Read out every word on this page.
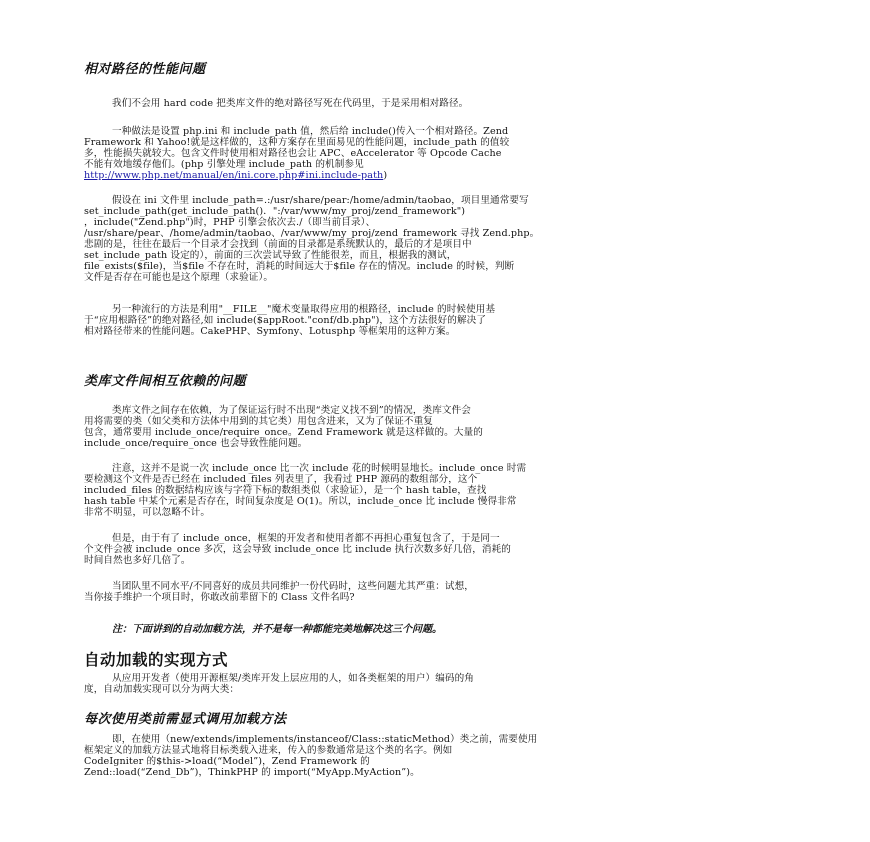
相对路径的性能问题
我们不会用 hard code 把类库文件的绝对路径写死在代码里，于是采用相对路径。
一种做法是设置 php.ini 和 include_path 值，然后给 include()传入一个相对路径。Zend
Framework 和 Yahoo!就是这样做的，这种方案存在里面易见的性能问题，include_path 的值较
多，性能损失就较大。包含文件时使用相对路径也会让 APC、eAccelerator 等 Opcode Cache
不能有效地缓存他们。(php 引擎处理 include_path 的机制参见
http://www.php.net/manual/en/ini.core.php#ini.include-path)
假设在 ini 文件里 include_path=.:/usr/share/pear:/home/admin/taobao，项目里通常要写
set_include_path(get_include_path()．":/var/www/my_proj/zend_framework")
，include("Zend.php")时，PHP 引擎会依次去./（即当前目录）、
/usr/share/pear、/home/admin/taobao、/var/www/my_proj/zend_framework 寻找 Zend.php。
悲剧的是，往往在最后一个目录才会找到（前面的目录都是系统默认的，最后的才是项目中
set_include_path 设定的），前面的三次尝试导致了性能很差，而且，根据我的测试，
file_exists($file)，当$file 不存在时，消耗的时间远大于$file 存在的情况。include 的时候，判断
文件是否存在可能也是这个原理（求验证）。
另一种流行的方法是利用"__FILE__"魔术变量取得应用的根路径，include 的时候使用基
于“应用根路径”的绝对路径,如 include($appRoot."conf/db.php")，这个方法很好的解决了
相对路径带来的性能问题。CakePHP、Symfony、Lotusphp 等框架用的这种方案。
类库文件间相互依赖的问题
类库文件之间存在依赖，为了保证运行时不出现“类定义找不到”的情况，类库文件会
用将需要的类（如父类和方法体中用到的其它类）用包含进来，又为了保证不重复
包含，通常要用 include_once/require_once。Zend Framework 就是这样做的。大量的
include_once/require_once 也会导致性能问题。
注意，这并不是说一次 include_once 比一次 include 花的时候明显地长。include_once 时需
要检测这个文件是否已经在 included_files 列表里了，我看过 PHP 源码的数组部分，这个
included_files 的数据结构应该与字符下标的数组类似（求验证），是一个 hash table，查找
hash table 中某个元素是否存在，时间复杂度是 O(1)。所以，include_once 比 include 慢得非常
非常不明显，可以忽略不计。
但是，由于有了 include_once，框架的开发者和使用者都不再担心重复包含了，于是同一
个文件会被 include_once 多次，这会导致 include_once 比 include 执行次数多好几倍，消耗的
时间自然也多好几倍了。
当团队里不同水平/不同喜好的成员共同维护一份代码时，这些问题尤其严重：试想，
当你接手维护一个项目时，你敢改前辈留下的 Class 文件名吗?
注：下面讲到的自动加载方法，并不是每一种都能完美地解决这三个问题。
自动加载的实现方式
从应用开发者（使用开源框架/类库开发上层应用的人，如各类框架的用户）编码的角
度，自动加载实现可以分为两大类：
每次使用类前需显式调用加载方法
即，在使用（new/extends/implements/instanceof/Class::staticMethod）类之前，需要使用
框架定义的加载方法显式地将目标类载入进来，传入的参数通常是这个类的名字。例如
CodeIgniter 的$this->load(“Model”)，Zend Framework 的
Zend::load(“Zend_Db”)，ThinkPHP 的 import(“MyApp.MyAction”)。
